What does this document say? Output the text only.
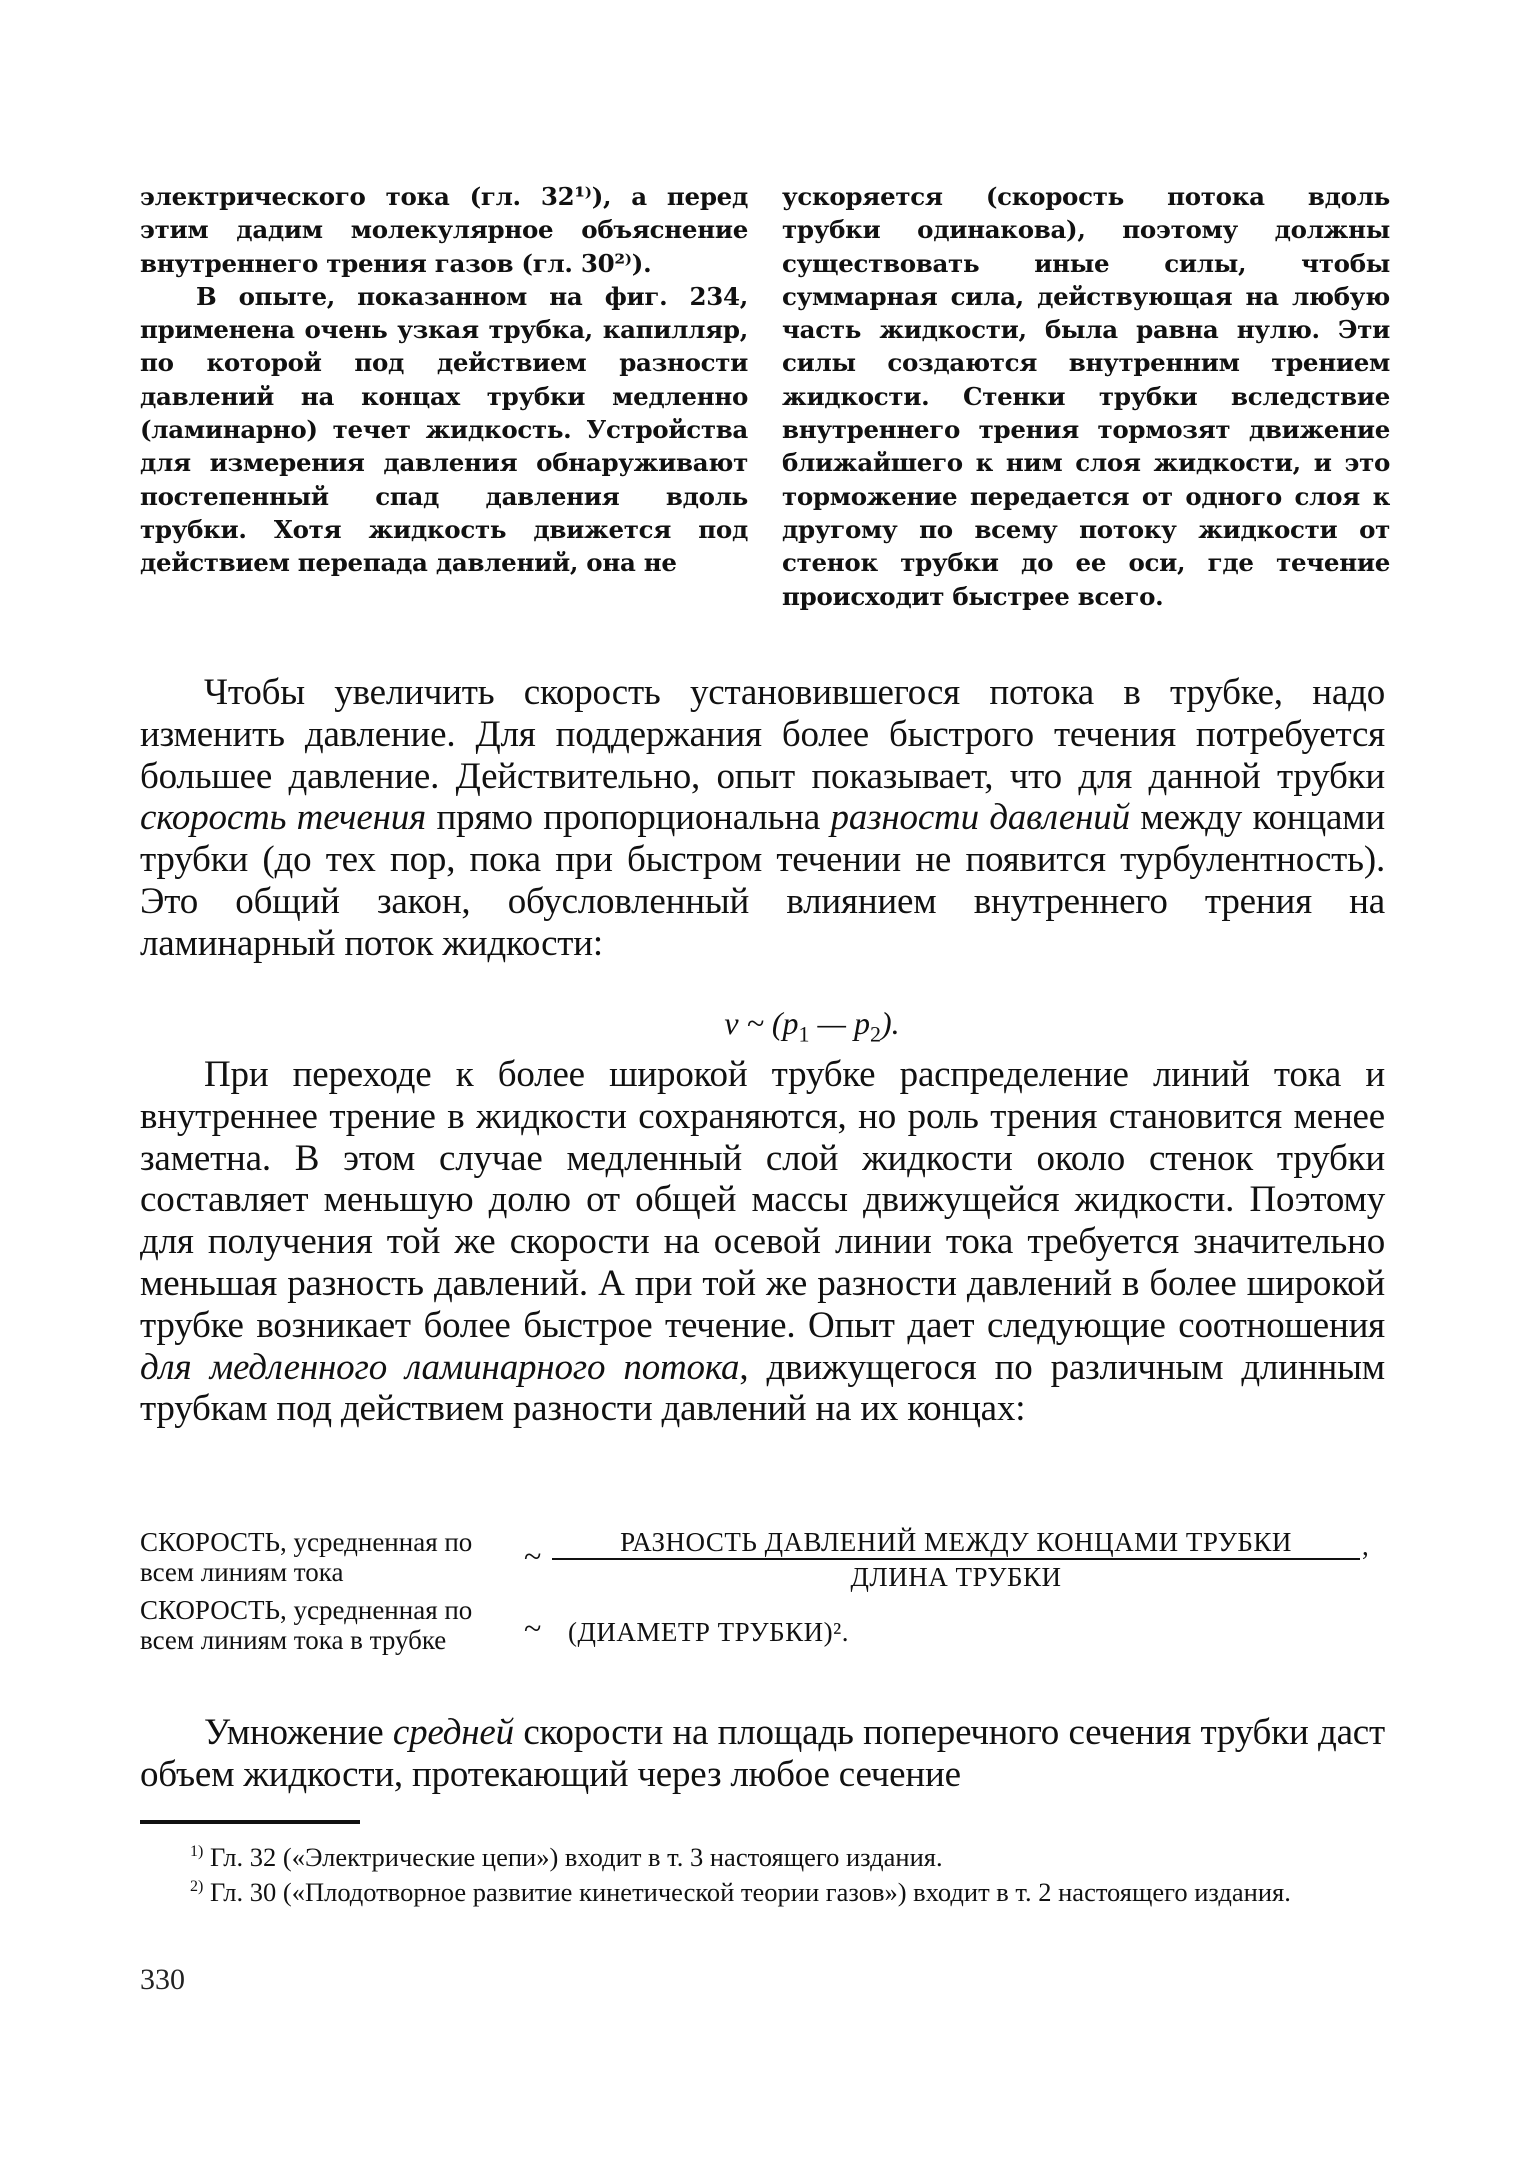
электрического тока (гл. 32¹⁾), а перед этим дадим молекулярное объяснение внутреннего трения газов (гл. 30²⁾).

В опыте, показанном на фиг. 234, применена очень узкая трубка, капилляр, по которой под действием разности давлений на концах трубки медленно (ламинарно) течет жидкость. Устройства для измерения давления обнаруживают постепенный спад давления вдоль трубки. Хотя жидкость движется под действием перепада давлений, она не

ускоряется (скорость потока вдоль трубки одинакова), поэтому должны существовать иные силы, чтобы суммарная сила, действующая на любую часть жидкости, была равна нулю. Эти силы создаются внутренним трением жидкости. Стенки трубки вследствие внутреннего трения тормозят движение ближайшего к ним слоя жидкости, и это торможение передается от одного слоя к другому по всему потоку жидкости от стенок трубки до ее оси, где течение происходит быстрее всего.

Чтобы увеличить скорость установившегося потока в трубке, надо изменить давление. Для поддержания более быстрого течения потребуется большее давление. Действительно, опыт показывает, что для данной трубки скорость течения прямо пропорциональна разности давлений между концами трубки (до тех пор, пока при быстром течении не появится турбулентность). Это общий закон, обусловленный влиянием внутреннего трения на ламинарный поток жидкости:

v ~ ($p_1$ — $p_2$).

При переходе к более широкой трубке распределение линий тока и внутреннее трение в жидкости сохраняются, но роль трения становится менее заметна. В этом случае медленный слой жидкости около стенок трубки составляет меньшую долю от общей массы движущейся жидкости. Поэтому для получения той же скорости на осевой линии тока требуется значительно меньшая разность давлений. А при той же разности давлений в более широкой трубке возникает более быстрое течение. Опыт дает следующие соотношения для медленного ламинарного потока, движущегося по различным длинным трубкам под действием разности давлений на их концах:

СКОРОСТЬ, усредненная по всем линиям тока	~	РАЗНОСТЬ ДАВЛЕНИЙ МЕЖДУ КОНЦАМИ ТРУБКИ
ДЛИНА ТРУБКИ
,
СКОРОСТЬ, усредненная по всем линиям тока в трубке	~ (ДИАМЕТР ТРУБКИ)².

Умножение средней скорости на площадь поперечного сечения трубки даст объем жидкости, протекающий через любое сечение

$^{1)}$ Гл. 32 («Электрические цепи») входит в т. 3 настоящего издания.

$^{2)}$ Гл. 30 («Плодотворное развитие кинетической теории газов») входит в т. 2 настоящего издания.

330
